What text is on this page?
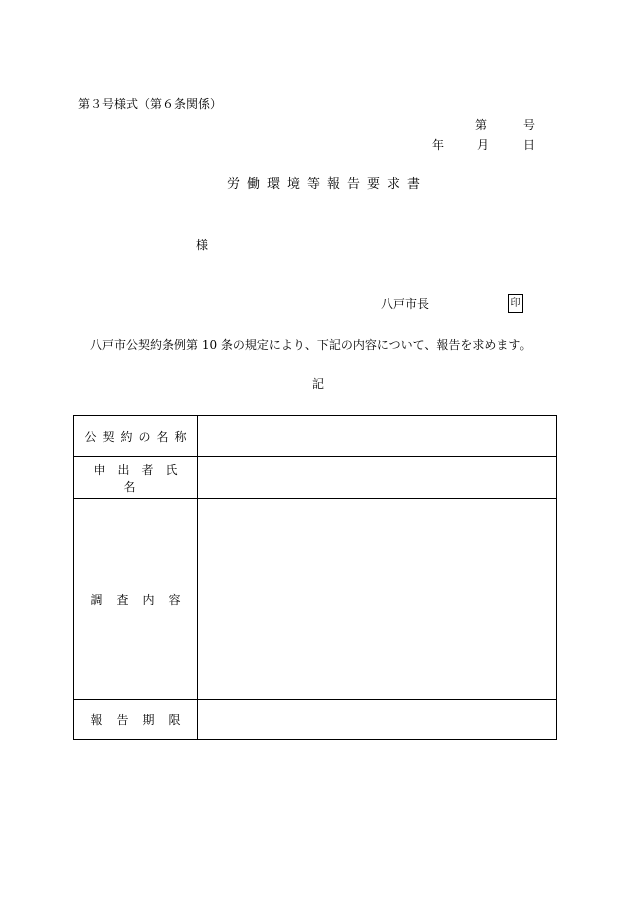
第３号様式（第６条関係）
第	号
年	月	日
労働環境等報告要求書
様
八戸市長	印
八戸市公契約条例第 10 条の規定により、下記の内容について、報告を求めます。
記
公契約の名称	
申出者氏名	
調査内容	
報告期限	
